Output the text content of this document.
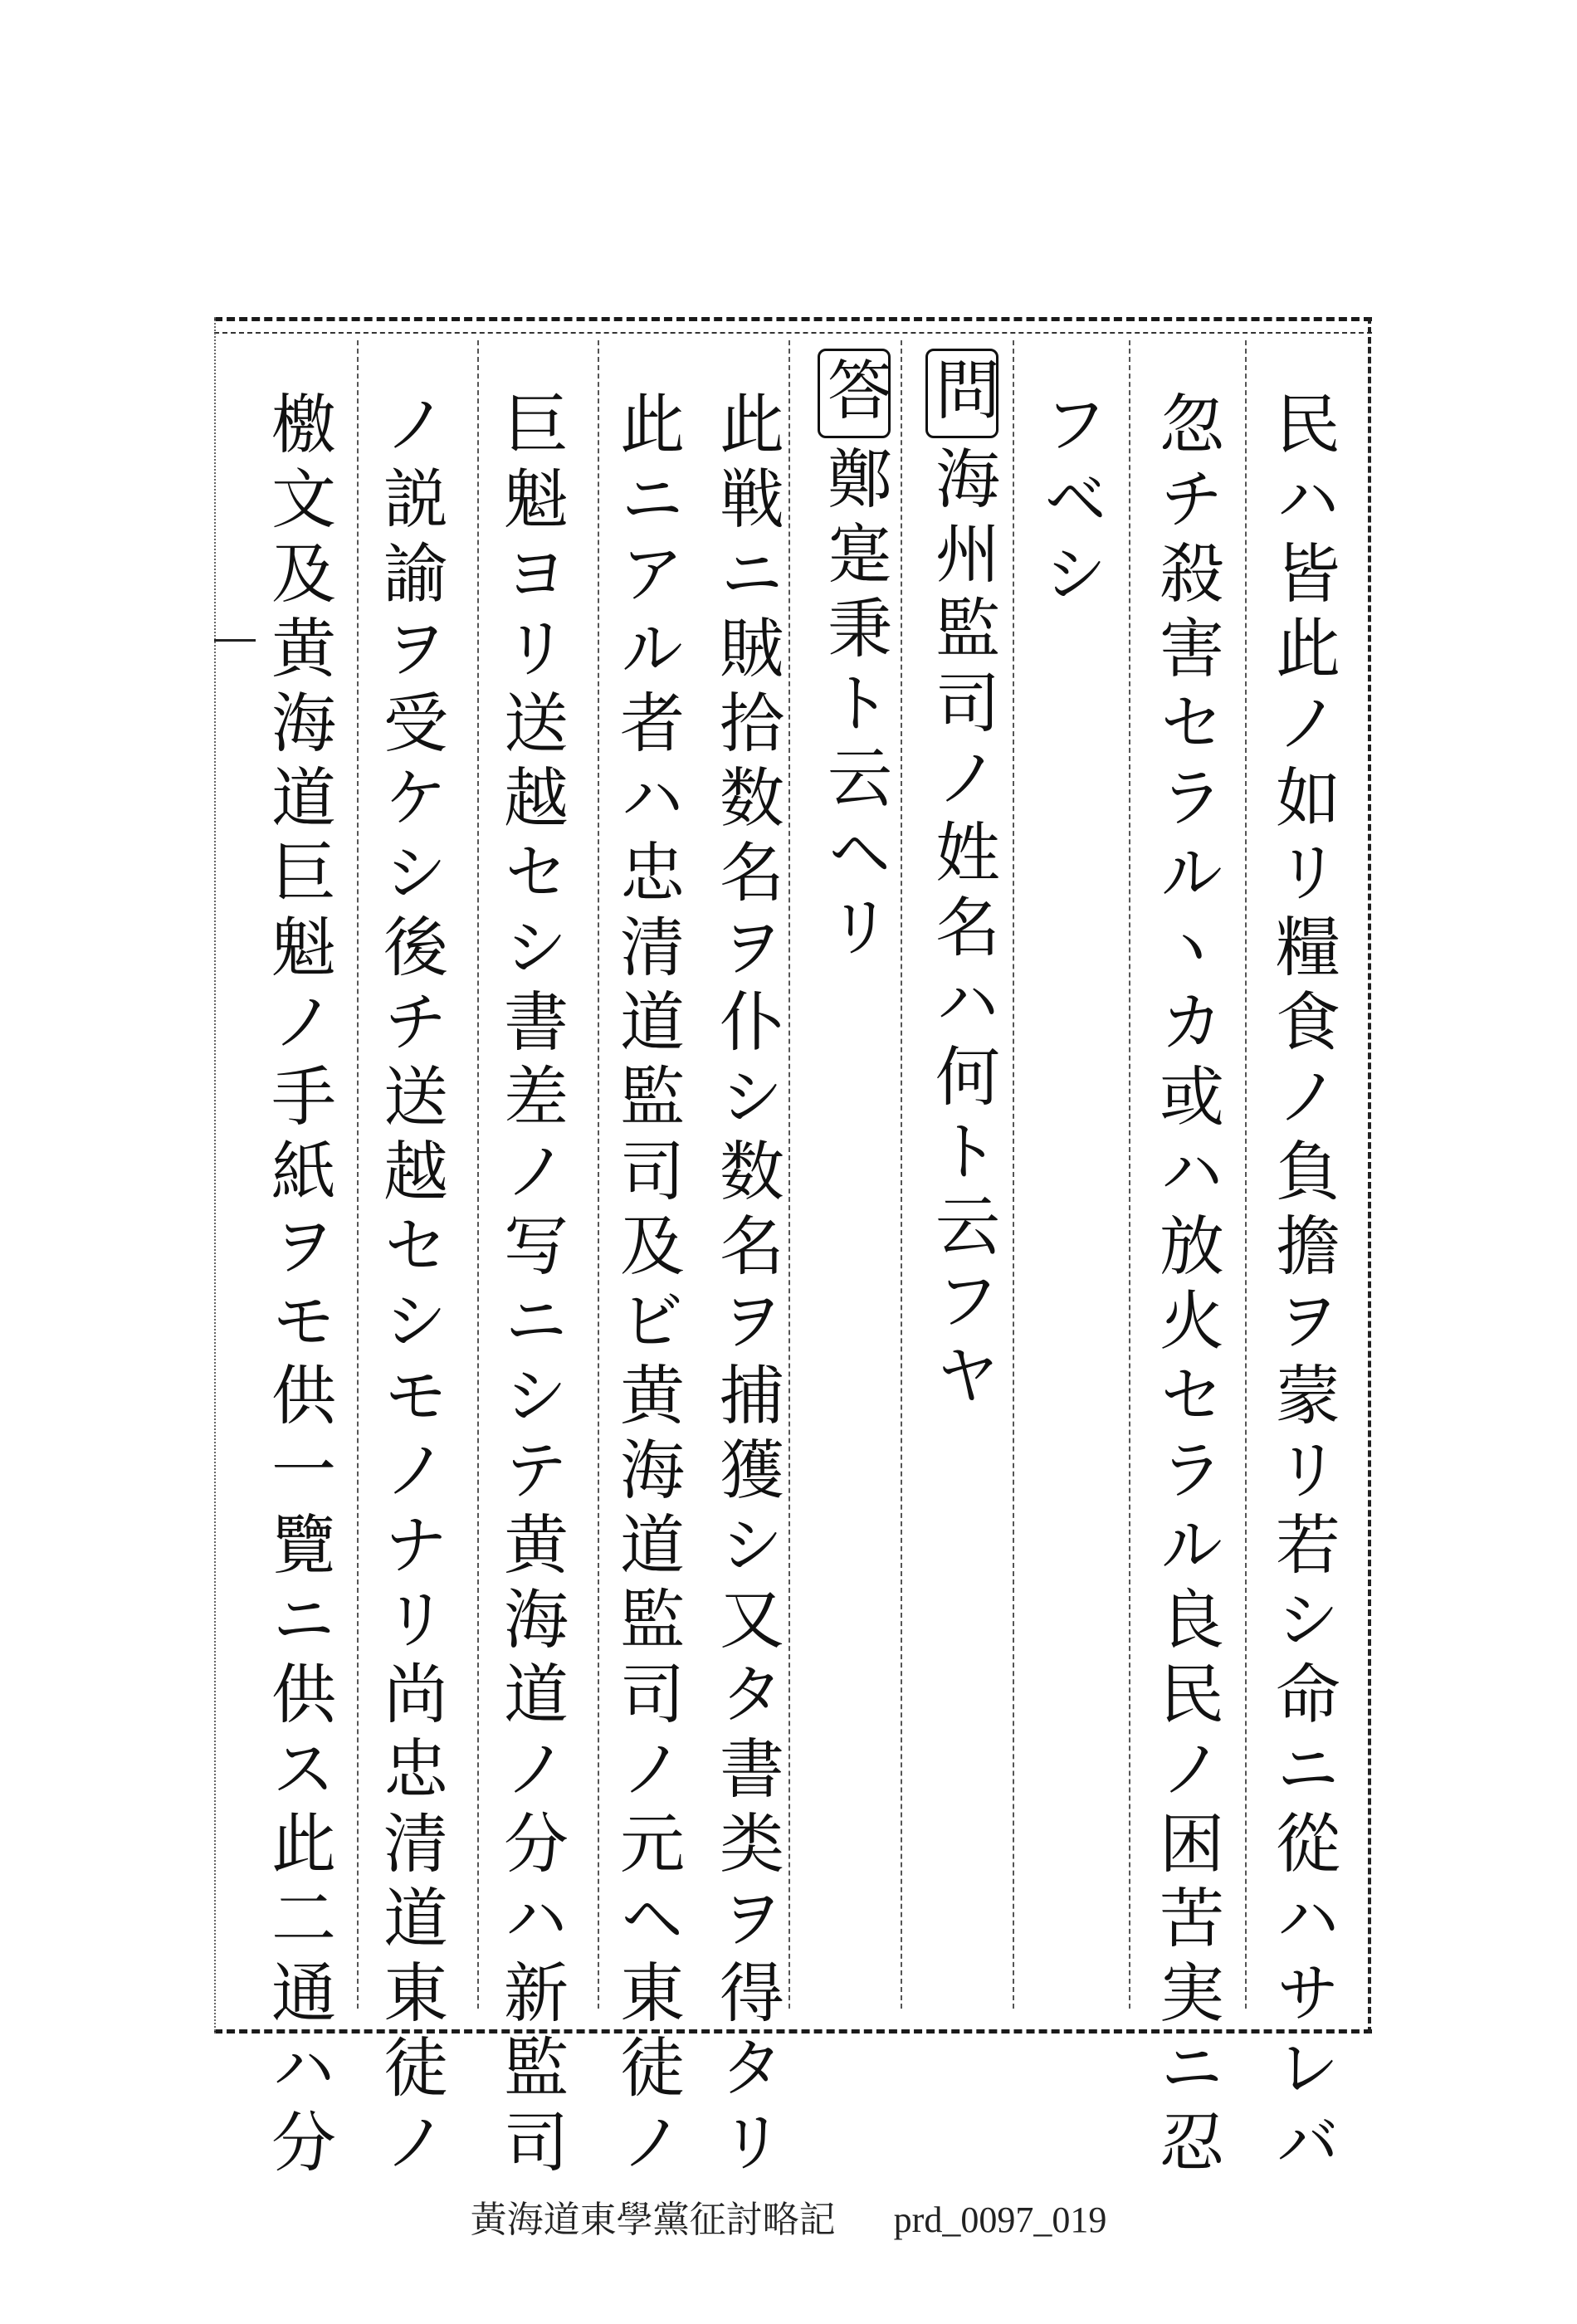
民ハ皆此ノ如リ糧食ノ負擔ヲ蒙リ若シ命ニ從ハサレバ
忽チ殺害セラルヽカ或ハ放火セラル良民ノ困苦実ニ忍
フベシ
問海州監司ノ姓名ハ何ト云フヤ
答鄭寔秉ト云ヘリ
此戦ニ賊拾数名ヲ仆シ数名ヲ捕獲シ又タ書类ヲ得タリ
此ニアル者ハ忠清道監司及ビ黄海道監司ノ元ヘ東徒ノ
巨魁ヨリ送越セシ書差ノ写ニシテ黄海道ノ分ハ新監司
ノ説諭ヲ受ケシ後チ送越セシモノナリ尚忠清道東徒ノ
檄文及黄海道巨魁ノ手紙ヲモ供一覽ニ供ス此二通ハ分
黃海道東學黨征討略記 prd_0097_019
